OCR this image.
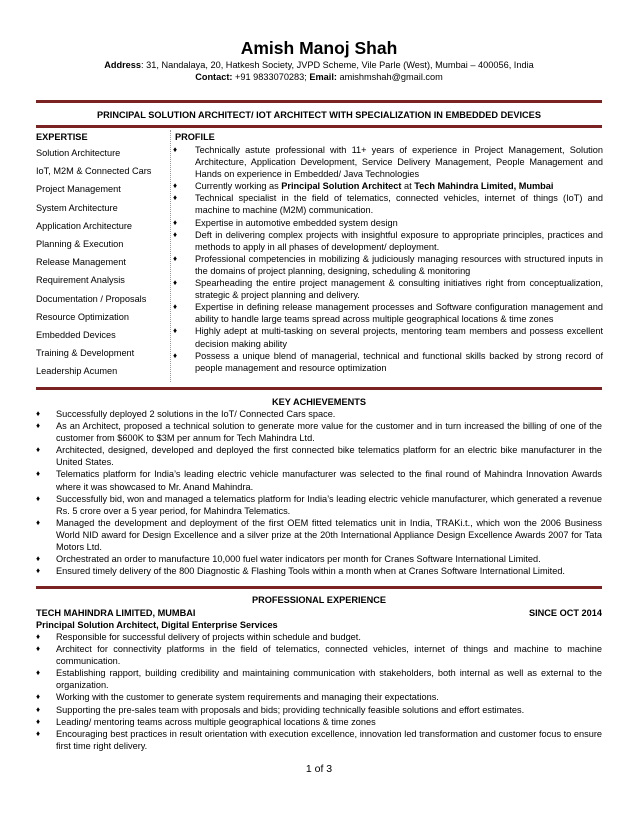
Amish Manoj Shah
Address: 31, Nandalaya, 20, Hatkesh Society, JVPD Scheme, Vile Parle (West), Mumbai – 400056, India
Contact: +91 9833070283; Email: amishmshah@gmail.com
PRINCIPAL SOLUTION ARCHITECT/ IOT ARCHITECT WITH SPECIALIZATION IN EMBEDDED DEVICES
EXPERTISE
Solution Architecture
IoT, M2M & Connected Cars
Project Management
System Architecture
Application Architecture
Planning & Execution
Release Management
Requirement Analysis
Documentation / Proposals
Resource Optimization
Embedded Devices
Training & Development
Leadership Acumen
PROFILE
♦ Technically astute professional with 11+ years of experience in Project Management, Solution Architecture, Application Development, Service Delivery Management, People Management and Hands on experience in Embedded/ Java Technologies
♦ Currently working as Principal Solution Architect at Tech Mahindra Limited, Mumbai
♦ Technical specialist in the field of telematics, connected vehicles, internet of things (IoT) and machine to machine (M2M) communication.
♦ Expertise in automotive embedded system design
♦ Deft in delivering complex projects with insightful exposure to appropriate principles, practices and methods to apply in all phases of development/ deployment.
♦ Professional competencies in mobilizing & judiciously managing resources with structured inputs in the domains of project planning, designing, scheduling & monitoring
♦ Spearheading the entire project management & consulting initiatives right from conceptualization, strategic & project planning and delivery.
♦ Expertise in defining release management processes and Software configuration management and ability to handle large teams spread across multiple geographical locations & time zones
♦ Highly adept at multi-tasking on several projects, mentoring team members and possess excellent decision making ability
♦ Possess a unique blend of managerial, technical and functional skills backed by strong record of people management and resource optimization
KEY ACHIEVEMENTS
♦ Successfully deployed 2 solutions in the IoT/ Connected Cars space.
♦ As an Architect, proposed a technical solution to generate more value for the customer and in turn increased the billing of one of the customer from $600K to $3M per annum for Tech Mahindra Ltd.
♦ Architected, designed, developed and deployed the first connected bike telematics platform for an electric bike manufacturer in the United States.
♦ Telematics platform for India’s leading electric vehicle manufacturer was selected to the final round of Mahindra Innovation Awards where it was showcased to Mr. Anand Mahindra.
♦ Successfully bid, won and managed a telematics platform for India’s leading electric vehicle manufacturer, which generated a revenue Rs. 5 crore over a 5 year period, for Mahindra Telematics.
♦ Managed the development and deployment of the first OEM fitted telematics unit in India, TRAKi.t., which won the 2006 Business World NID award for Design Excellence and a silver prize at the 20th International Appliance Design Excellence Awards 2007 for Tata Motors Ltd.
♦ Orchestrated an order to manufacture 10,000 fuel water indicators per month for Cranes Software International Limited.
♦ Ensured timely delivery of the 800 Diagnostic & Flashing Tools within a month when at Cranes Software International Limited.
PROFESSIONAL EXPERIENCE
TECH MAHINDRA LIMITED, MUMBAI	SINCE OCT 2014
Principal Solution Architect, Digital Enterprise Services
♦ Responsible for successful delivery of projects within schedule and budget.
♦ Architect for connectivity platforms in the field of telematics, connected vehicles, internet of things and machine to machine communication.
♦ Establishing rapport, building credibility and maintaining communication with stakeholders, both internal as well as external to the organization.
♦ Working with the customer to generate system requirements and managing their expectations.
♦ Supporting the pre-sales team with proposals and bids; providing technically feasible solutions and effort estimates.
♦ Leading/ mentoring teams across multiple geographical locations & time zones
♦ Encouraging best practices in result orientation with execution excellence, innovation led transformation and customer focus to ensure first time right delivery.
1 of 3
